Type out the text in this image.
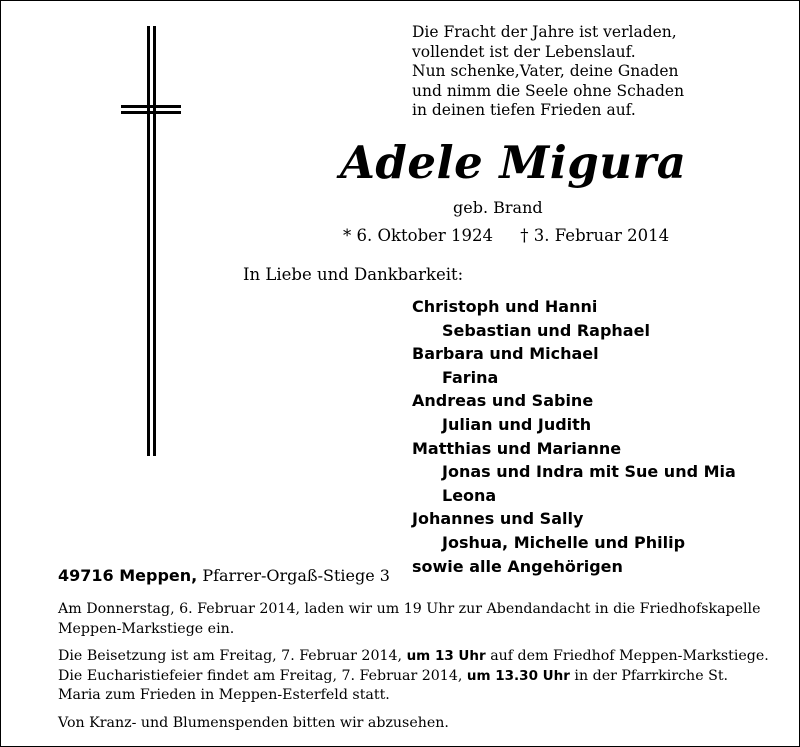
Die Fracht der Jahre ist verladen,
vollendet ist der Lebenslauf.
Nun schenke,Vater, deine Gnaden
und nimm die Seele ohne Schaden
in deinen tiefen Frieden auf.
Adele Migura
geb. Brand
* 6. Oktober 1924 † 3. Februar 2014
In Liebe und Dankbarkeit:
Christoph und Hanni
Sebastian und Raphael
Barbara und Michael
Farina
Andreas und Sabine
Julian und Judith
Matthias und Marianne
Jonas und Indra mit Sue und Mia
Leona
Johannes und Sally
Joshua, Michelle und Philip
sowie alle Angehörigen
49716 Meppen, Pfarrer-Orgaß-Stiege 3

Am Donnerstag, 6. Februar 2014, laden wir um 19 Uhr zur Abendandacht in die Friedhofskapelle Meppen-Markstiege ein.

Die Beisetzung ist am Freitag, 7. Februar 2014, um 13 Uhr auf dem Friedhof Meppen-Markstiege. Die Eucharistiefeier findet am Freitag, 7. Februar 2014, um 13.30 Uhr in der Pfarrkirche St. Maria zum Frieden in Meppen-Esterfeld statt.

Von Kranz- und Blumenspenden bitten wir abzusehen.
